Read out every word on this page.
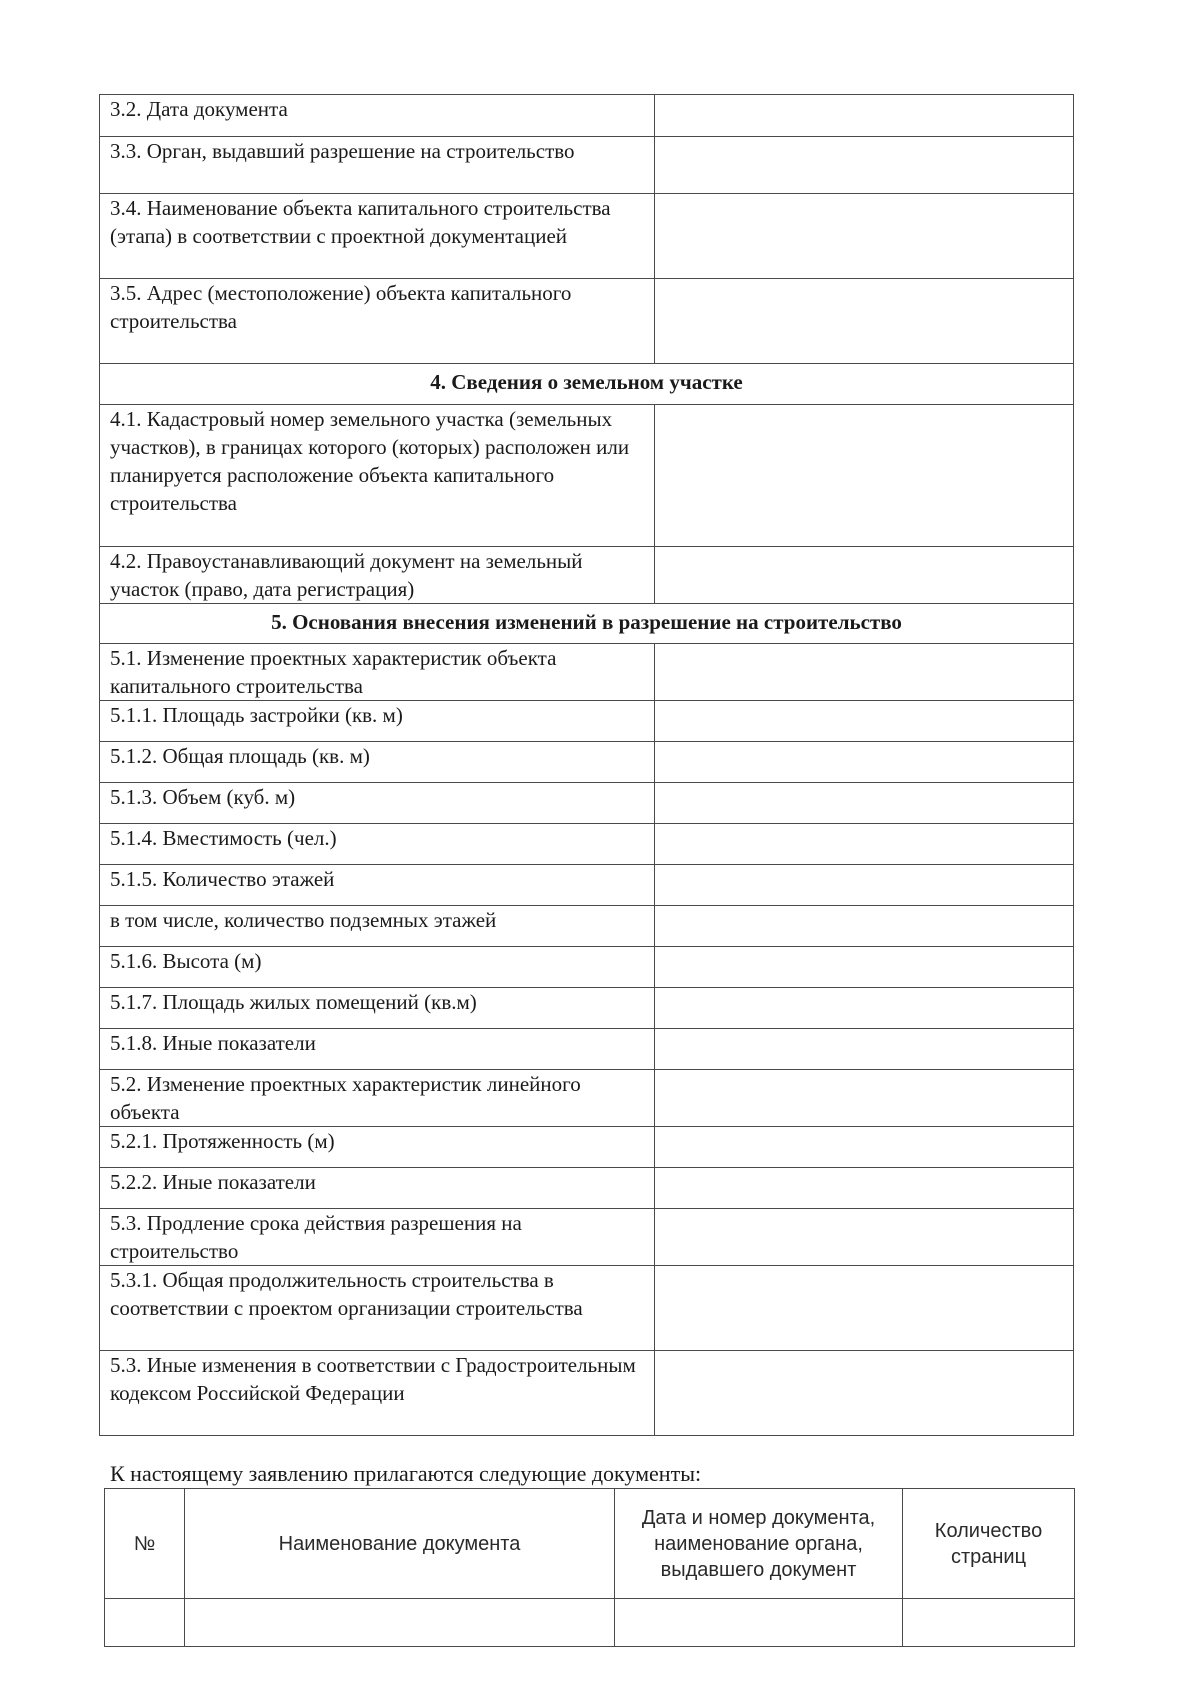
3.2. Дата документа	
3.3. Орган, выдавший разрешение на строительство	
3.4. Наименование объекта капитального строительства (этапа) в соответствии с проектной документацией	
3.5. Адрес (местоположение) объекта капитального строительства	
4. Сведения о земельном участке	
4.1. Кадастровый номер земельного участка (земельных участков), в границах которого (которых) расположен или планируется расположение объекта капитального строительства	
4.2. Правоустанавливающий документ на земельный участок (право, дата регистрация)	
5. Основания внесения изменений в разрешение на строительство	
5.1. Изменение проектных характеристик объекта капитального строительства	
5.1.1. Площадь застройки (кв. м)	
5.1.2. Общая площадь (кв. м)	
5.1.3. Объем (куб. м)	
5.1.4. Вместимость (чел.)	
5.1.5. Количество этажей	
в том числе, количество подземных этажей	
5.1.6. Высота (м)	
5.1.7. Площадь жилых помещений (кв.м)	
5.1.8. Иные показатели	
5.2. Изменение проектных характеристик линейного объекта	
5.2.1. Протяженность (м)	
5.2.2. Иные показатели	
5.3. Продление срока действия разрешения на строительство	
5.3.1. Общая продолжительность строительства в соответствии с проектом организации строительства	
5.3. Иные изменения в соответствии с Градостроительным кодексом Российской Федерации	
К настоящему заявлению прилагаются следующие документы:
№	Наименование документа	Дата и номер документа, наименование органа, выдавшего документ	Количество страниц
